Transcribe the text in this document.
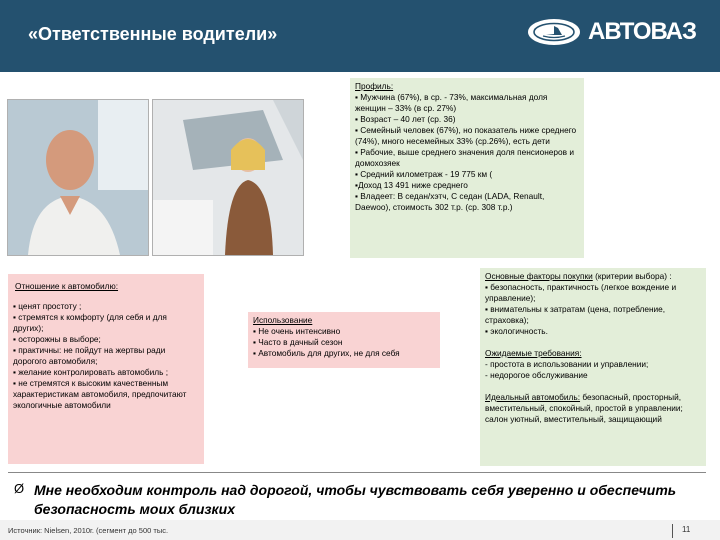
«Ответственные водители»	АВТОВАЗ
Профиль:
▪ Мужчина (67%), в ср. - 73%, максимальная доля женщин – 33% (в ср. 27%)
▪ Возраст – 40 лет (ср. 36)
▪ Семейный человек (67%), но показатель ниже среднего (74%), много несемейных 33% (ср.26%), есть дети
▪ Рабочие, выше среднего значения доля пенсионеров и домохозяек
▪ Средний километраж - 19 775 км (
▪Доход 13 491 ниже среднего
▪ Владеет: В седан/хэтч, С седан (LADA, Renault, Daewoo), стоимость 302 т.р. (ср. 308 т.р.)
Отношение к автомобилю:
▪ ценят простоту ;
▪ стремятся к комфорту (для себя и для других);
▪ осторожны в выборе;
▪ практичны: не пойдут на жертвы ради дорогого автомобиля;
▪ желание контролировать автомобиль ;
▪ не стремятся к высоким качественным характеристикам автомобиля, предпочитают экологичные автомобили
Использование
▪ Не очень интенсивно
▪ Часто в дачный сезон
▪ Автомобиль для других, не для себя
Основные факторы покупки (критерии выбора) :
▪ безопасность, практичность (легкое вождение и управление);
▪ внимательны к затратам (цена, потребление, страховка);
▪ экологичность.
Ожидаемые требования:
- простота в использовании и управлении;
- недорогое обслуживание
Идеальный автомобиль: безопасный, просторный, вместительный, спокойный, простой в управлении; салон уютный, вместительный, защищающий
Ø Мне необходим контроль над дорогой, чтобы чувствовать себя уверенно и обеспечить безопасность моих близких
Источник: Nielsen, 2010г. (сегмент до 500 тыс.	11
